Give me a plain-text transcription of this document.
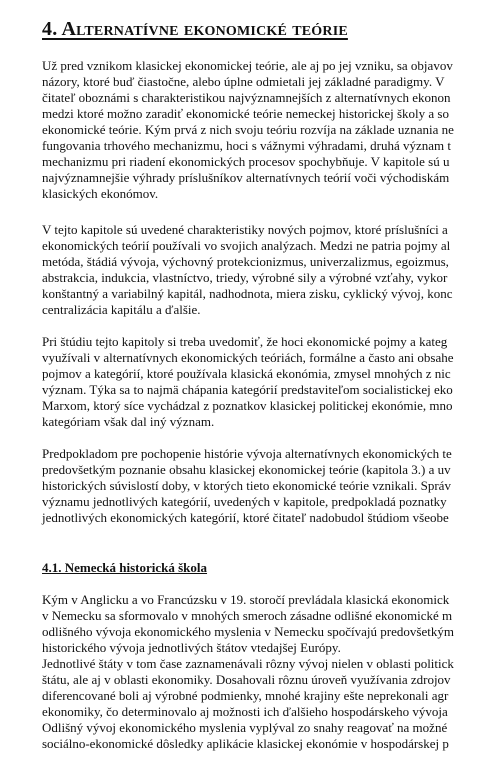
4. Alternatívne ekonomické teórie
Už pred vznikom klasickej ekonomickej teórie, ale aj po jej vzniku, sa objavov
názory, ktoré buď čiastočne, alebo úplne odmietali jej základné paradigmy. V
čitateľ oboznámi s charakteristikou najvýznamnejších z alternatívnych ekonon
medzi ktoré možno zaradiť ekonomické teórie nemeckej historickej školy a so
ekonomické teórie. Kým prvá z nich svoju teóriu rozvíja na základe uznania ne
fungovania trhového mechanizmu, hoci s vážnymi výhradami, druhá význam t
mechanizmu pri riadení ekonomických procesov spochybňuje. V kapitole sú u
najvýznamnejšie výhrady príslušníkov alternatívnych teórií voči východiskám
klasických ekonómov.
V tejto kapitole sú uvedené charakteristiky nových pojmov, ktoré príslušníci a
ekonomických teórií používali vo svojich analýzach. Medzi ne patria pojmy al
metóda, štádiá vývoja, výchovný protekcionizmus, univerzalizmus, egoizmus,
abstrakcia, indukcia, vlastníctvo, triedy, výrobné sily a výrobné vzťahy, vykor
konštantný a variabilný kapitál, nadhodnota, miera zisku, cyklický vývoj, konc
centralizácia kapitálu a ďalšie.
Pri štúdiu tejto kapitoly si treba uvedomiť, že hoci ekonomické pojmy a kateg
využívali v alternatívnych ekonomických teóriách, formálne a často ani obsahe
pojmov a kategórií, ktoré používala klasická ekonómia, zmysel mnohých z nic
význam. Týka sa to najmä chápania kategórií predstaviteľom socialistickej eko
Marxom, ktorý síce vychádzal z poznatkov klasickej politickej ekonómie, mno
kategóriam však dal iný význam.
Predpokladom pre pochopenie histórie vývoja alternatívnych ekonomických te
predovšetkým poznanie obsahu klasickej ekonomickej teórie (kapitola 3.) a uv
historických súvislostí doby, v ktorých tieto ekonomické teórie vznikali. Správ
významu jednotlivých kategórií, uvedených v kapitole, predpokladá poznatky
jednotlivých ekonomických kategórií, ktoré čitateľ nadobudol štúdiom všeobe
4.1. Nemecká historická škola
Kým v Anglicku a vo Francúzsku v 19. storočí prevládala klasická ekonomick
v Nemecku sa sformovalo v mnohých smeroch zásadne odlišné ekonomické m
odlišného vývoja ekonomického myslenia v Nemecku spočívajú predovšetkým
historického vývoja jednotlivých štátov vtedajšej Európy.
Jednotlivé štáty v tom čase zaznamenávali rôzny vývoj nielen v oblasti politick
štátu, ale aj v oblasti ekonomiky. Dosahovali rôznu úroveň využívania zdrojov
diferencované boli aj výrobné podmienky, mnohé krajiny ešte neprekonali agr
ekonomiky, čo determinovalo aj možnosti ich ďalšieho hospodárskeho vývoja
Odlišný vývoj ekonomického myslenia vyplýval zo snahy reagovať na možné
sociálno-ekonomické dôsledky aplikácie klasickej ekonómie v hospodárskej p
